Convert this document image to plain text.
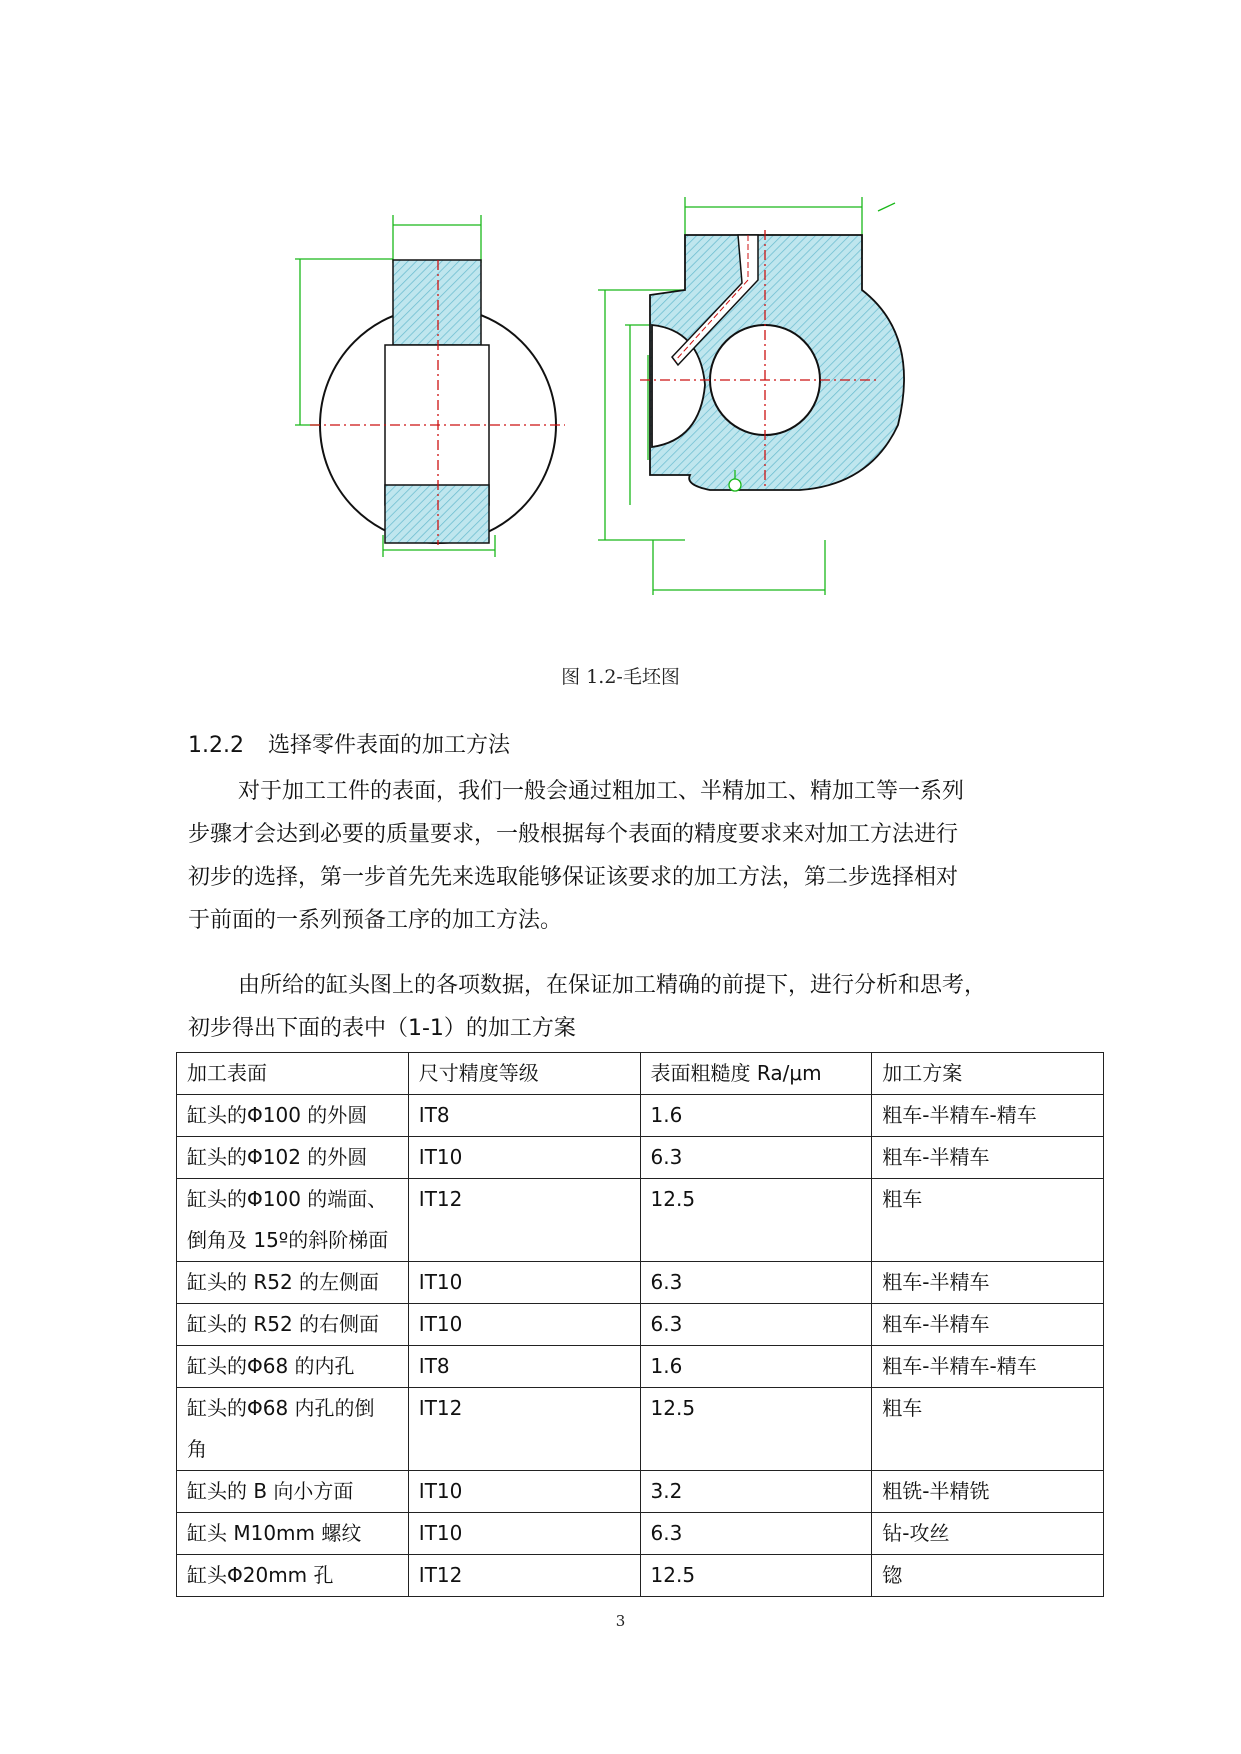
图 1.2-毛坯图
1.2.2 选择零件表面的加工方法
对于加工工件的表面，我们一般会通过粗加工、半精加工、精加工等一系列
步骤才会达到必要的质量要求，一般根据每个表面的精度要求来对加工方法进行
初步的选择，第一步首先先来选取能够保证该要求的加工方法，第二步选择相对
于前面的一系列预备工序的加工方法。
由所给的缸头图上的各项数据，在保证加工精确的前提下，进行分析和思考，
初步得出下面的表中（1-1）的加工方案
加工表面	尺寸精度等级	表面粗糙度 Ra/μm	加工方案

缸头的Φ100 的外圆	IT8	1.6	粗车-半精车-精车

缸头的Φ102 的外圆	IT10	6.3	粗车-半精车

缸头的Φ100 的端面、
倒角及 15º的斜阶梯面	IT12	12.5	粗车

缸头的 R52 的左侧面	IT10	6.3	粗车-半精车

缸头的 R52 的右侧面	IT10	6.3	粗车-半精车

缸头的Φ68 的内孔	IT8	1.6	粗车-半精车-精车

缸头的Φ68 内孔的倒
角	IT12	12.5	粗车

缸头的 B 向小方面	IT10	3.2	粗铣-半精铣

缸头 M10mm 螺纹	IT10	6.3	钻-攻丝

缸头Φ20mm 孔	IT12	12.5	锪
3
